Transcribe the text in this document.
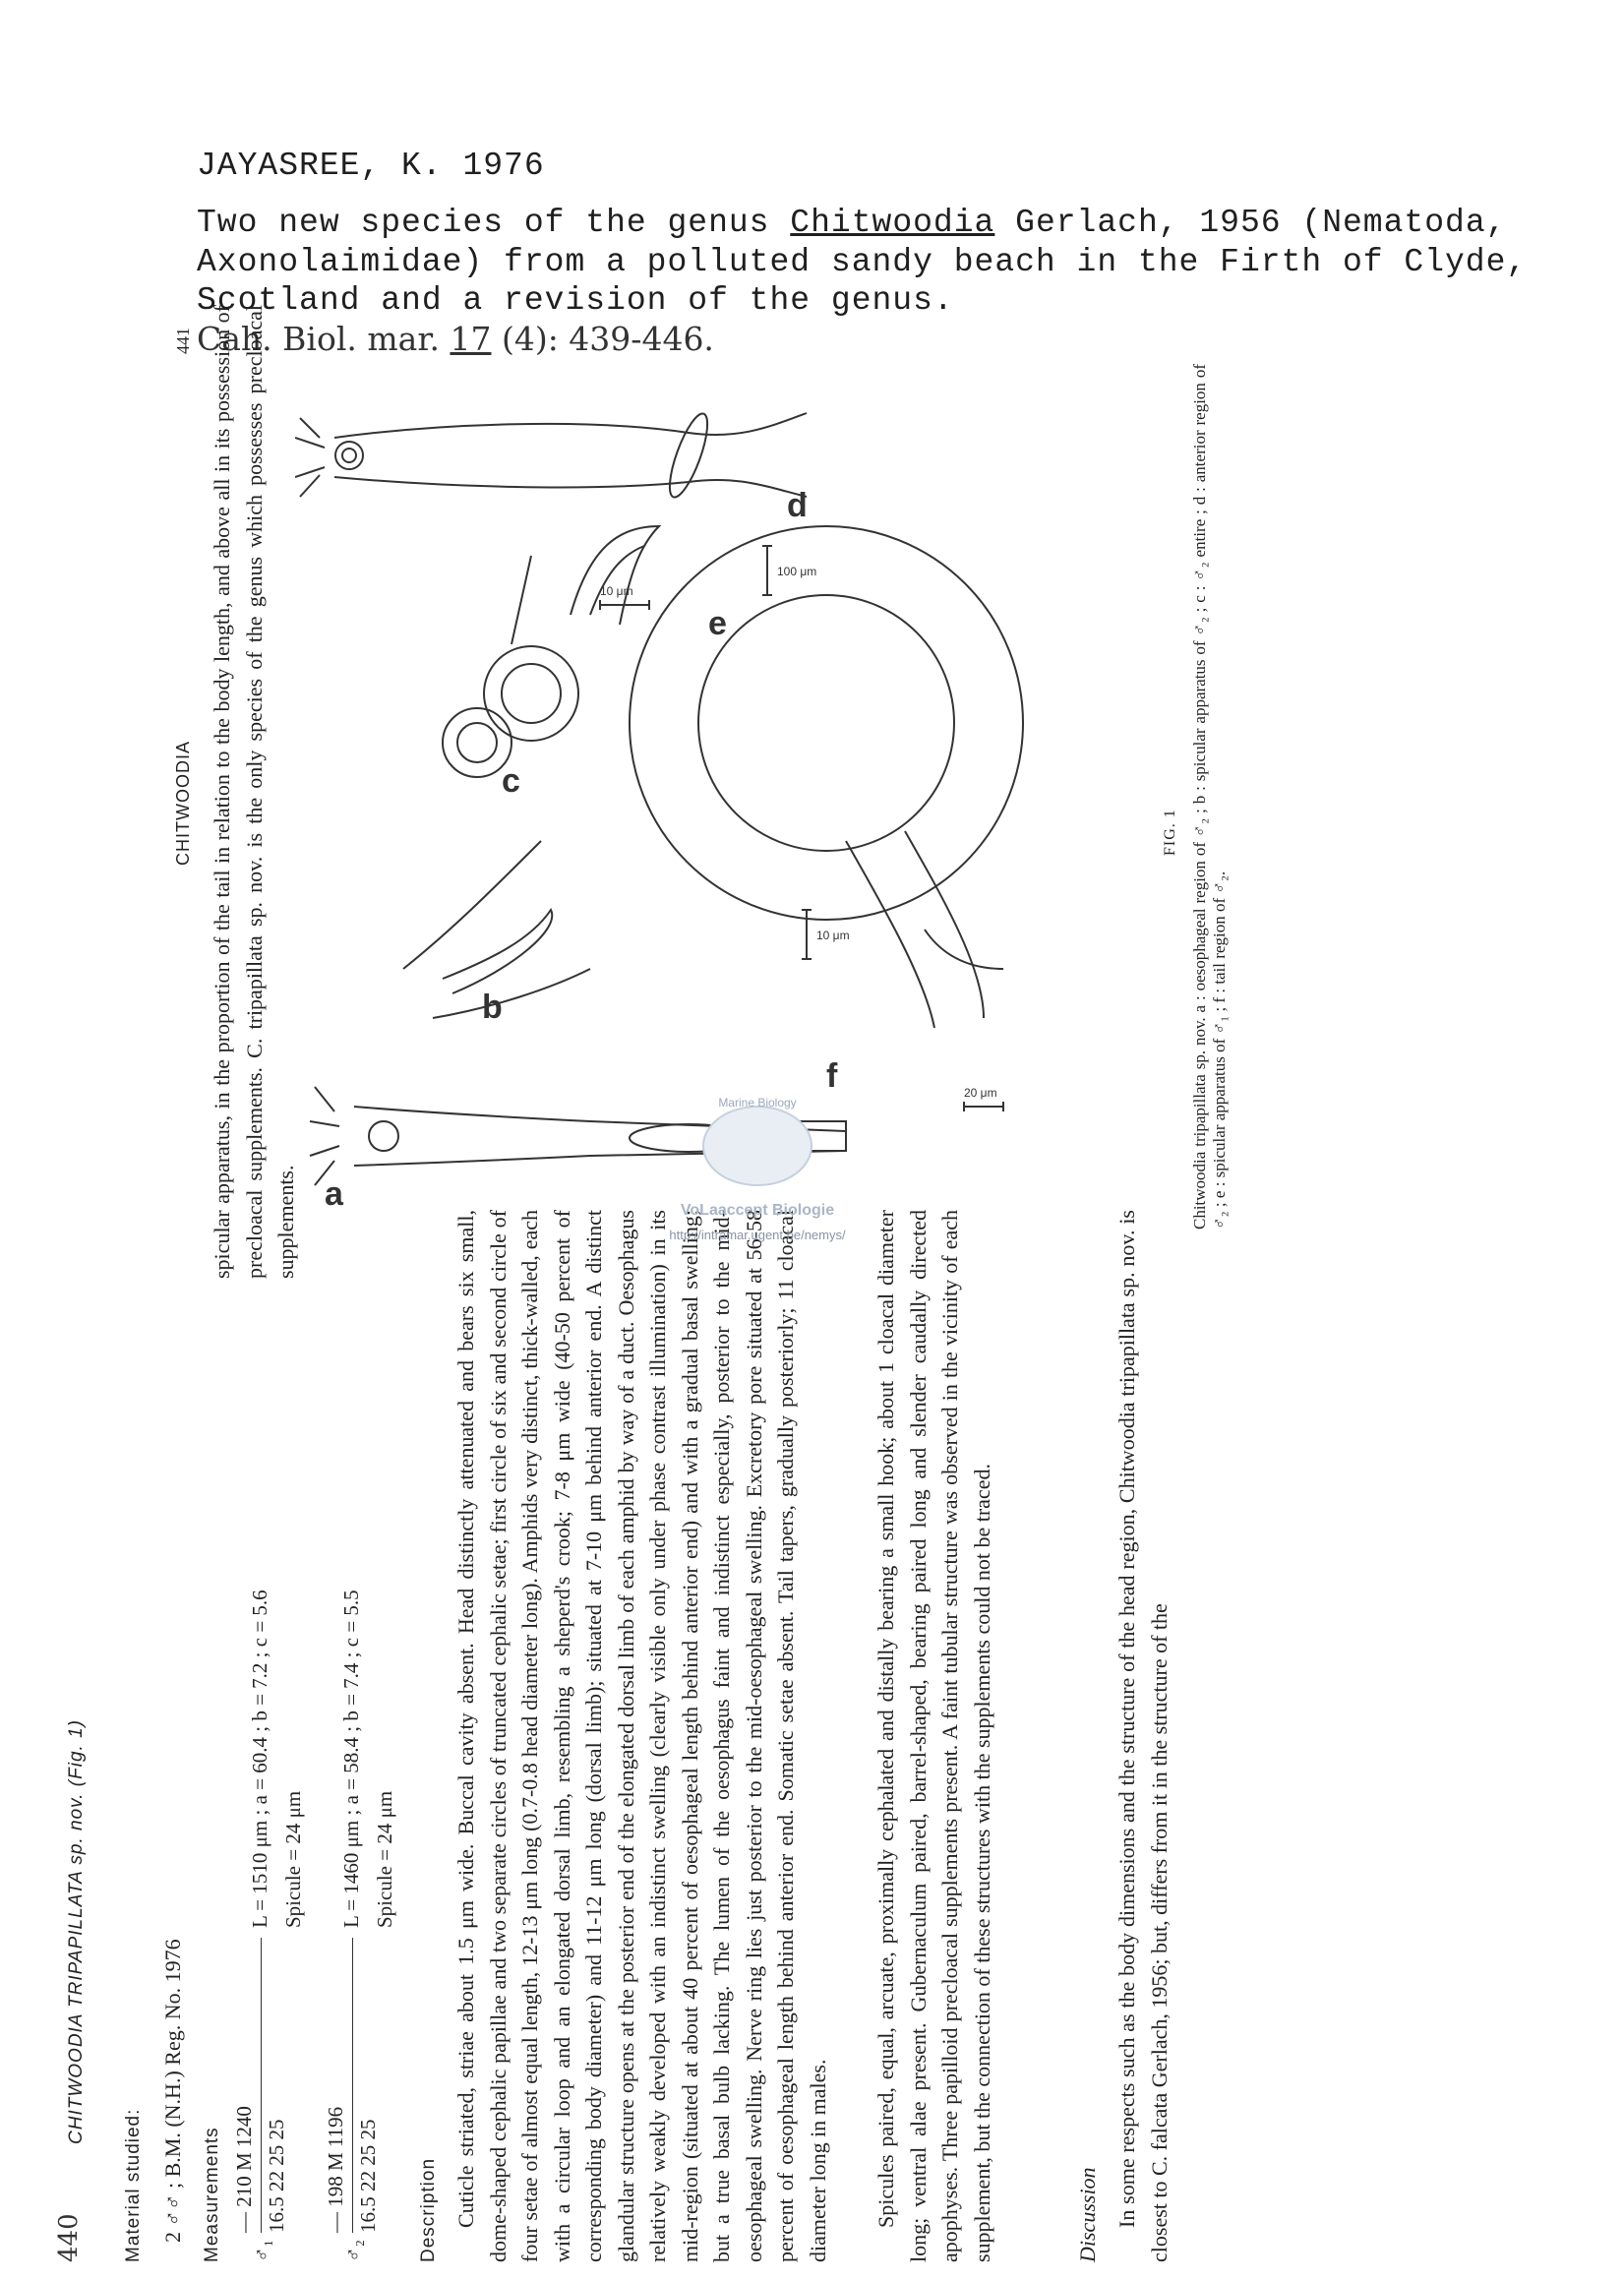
JAYASREE, K. 1976
Two new species of the genus Chitwoodia Gerlach, 1956 (Nematoda,
Axonolaimidae) from a polluted sandy beach in the Firth of Clyde,
Scotland and a revision of the genus.
Cah. Biol. mar. 17 (4): 439-446.
440
CHITWOODIA TRIPAPILLATA sp. nov. (Fig. 1)
Material studied: 2 ♂♂ ; B.M. (N.H.) Reg. No. 1976 Measurements	♂₁
— 210 M 1240 16.5 22 25 25
L = 1510 μm ; a = 60.4 ; b = 7.2 ; c = 5.6 Spicule = 24 μm
♂₂
— 198 M 1196 16.5 22 25 25
L = 1460 μm ; a = 58.4 ; b = 7.4 ; c = 5.5 Spicule = 24 μm
Description Cuticle striated, striae about 1.5 μm wide. Buccal cavity absent. Head distinctly attenuated and bears six small, dome-shaped cephalic papillae and two separate circles of truncated cephalic setae; first circle of six and second circle of four setae of almost equal length, 12-13 μm long (0.7-0.8 head diameter long). Amphids very distinct, thick-walled, each with a circular loop and an elongated dorsal limb, resembling a sheperd's crook; 7-8 μm wide (40-50 percent of corresponding body diameter) and 11-12 μm long (dorsal limb); situated at 7-10 μm behind anterior end. A distinct glandular structure opens at the posterior end of the elongated dorsal limb of each amphid by way of a duct. Oesophagus relatively weakly developed with an indistinct swelling (clearly visible only under phase contrast illumination) in its mid-region (situated at about 40 percent of oesophageal length behind anterior end) and with a gradual basal swelling; but a true basal bulb lacking. The lumen of the oesophagus faint and indistinct especially, posterior to the mid-oesophageal swelling. Nerve ring lies just posterior to the mid-oesophageal swelling. Excretory pore situated at 56-58 percent of oesophageal length behind anterior end. Somatic setae absent. Tail tapers, gradually posteriorly; 11 cloacal diameter long in males. Spicules paired, equal, arcuate, proximally cephalated and distally bearing a small hook; about 1 cloacal diameter long; ventral alae present. Gubernaculum paired, barrel-shaped, bearing paired long and slender caudally directed apophyses. Three papilloid precloacal supplements present. A faint tubular structure was observed in the vicinity of each supplement, but the connection of these structures with the supplements could not be traced.	Discussion In some respects such as the body dimensions and the structure of the head region, Chitwoodia tripapillata sp. nov. is closest to C. falcata Gerlach, 1956; but, differs from it in the structure of the
CHITWOODIA
441 spicular apparatus, in the proportion of the tail in relation to the body length, and above all in its possession of precloacal supplements. C. tripapillata sp. nov. is the only species of the genus which possesses precloacal supplements. a
b
c
d
e
f
10 μm
100 μm
10 μm
20 μm
FIG. 1 Chitwoodia tripapillata sp. nov. a : oesophageal region of ♂₂ ; b : spicular apparatus of ♂₂ ; c : ♂₂ entire ; d : anterior region of ♂₂ ; e : spicular apparatus of ♂₁ ; f : tail region of ♂₂.
Marine Biology
VoLaaccept Biologie
http://intramar.ugent.be/nemys/
